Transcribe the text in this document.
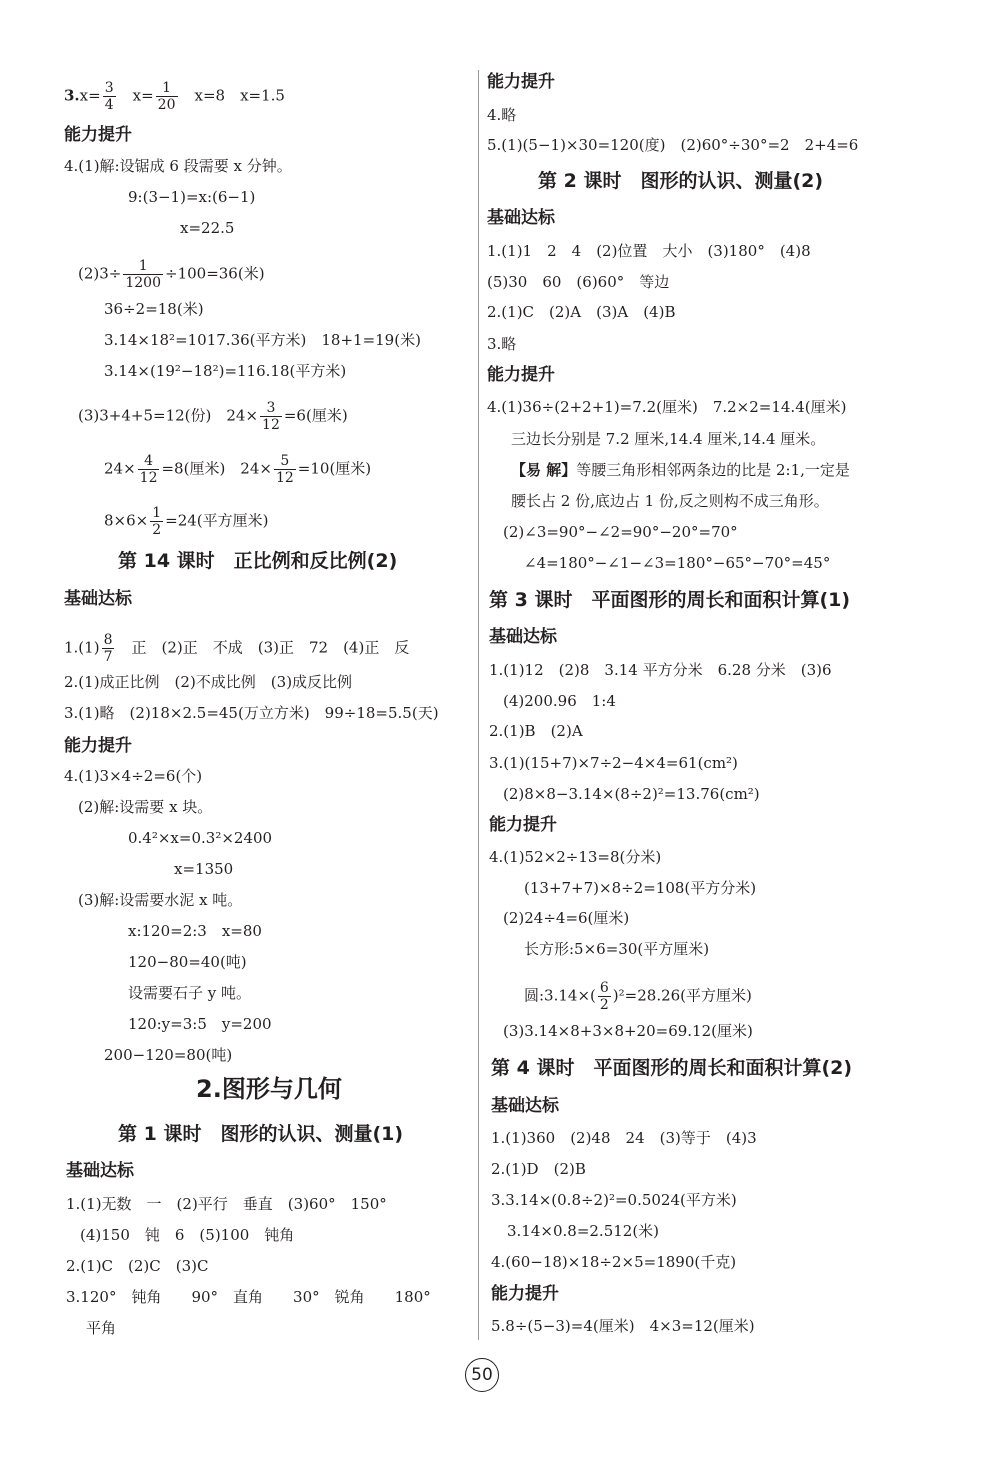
$3.x= \frac{3}{4}$
　 $x= \frac{1}{20}$
　 x=8　x=1.5
能力提升
4.(1)解:设锯成 6 段需要 x 分钟。
9:(3−1)=x:(6−1)
x=22.5
$(2)3\div \frac{1}{1200} \div 100=36$(米)
36÷2=18(米)
3.14×18²=1017.36(平方米)　18+1=19(米)
3.14×(19²−18²)=116.18(平方米)
(3)3+4+5=12(份)　$24\times \frac{3}{12} =6$(厘米)
$24\times \frac{4}{12} =8$(厘米)　$24\times \frac{5}{12} =10$(厘米)
$8\times 6\times \frac{1}{2} =24$(平方厘米)
第 14 课时　正比例和反比例(2)
基础达标
$1.(1) \frac{8}{7}$ 　正　(2)正　不成　(3)正　72　(4)正　反
2.(1)成正比例　(2)不成比例　(3)成反比例
3.(1)略　(2)18×2.5=45(万立方米)　99÷18=5.5(天)
能力提升
4.(1)3×4÷2=6(个)
(2)解:设需要 x 块。
0.4²×x=0.3²×2400
x=1350
(3)解:设需要水泥 x 吨。
x:120=2:3　x=80
120−80=40(吨)
设需要石子 y 吨。
120:y=3:5　y=200
200−120=80(吨)
2.图形与几何
第 1 课时　图形的认识、测量(1)
基础达标
1.(1)无数　一　(2)平行　垂直　(3)60°　150°
(4)150　钝　6　(5)100　钝角
2.(1)C　(2)C　(3)C
3.120°　钝角　　90°　直角　　30°　锐角　　180°
平角
能力提升
4.略
5.(1)(5−1)×30=120(度)　(2)60°÷30°=2　2+4=6
第 2 课时　图形的认识、测量(2)
基础达标
1.(1)1　2　4　(2)位置　大小　(3)180°　(4)8
(5)30　60　(6)60°　等边
2.(1)C　(2)A　(3)A　(4)B
3.略
能力提升
4.(1)36÷(2+2+1)=7.2(厘米)　7.2×2=14.4(厘米)
三边长分别是 7.2 厘米,14.4 厘米,14.4 厘米。
【易 解】等腰三角形相邻两条边的比是 2:1,一定是
腰长占 2 份,底边占 1 份,反之则构不成三角形。
(2)∠3=90°−∠2=90°−20°=70°
∠4=180°−∠1−∠3=180°−65°−70°=45°
第 3 课时　平面图形的周长和面积计算(1)
基础达标
1.(1)12　(2)8　3.14 平方分米　6.28 分米　(3)6
(4)200.96　1:4
2.(1)B　(2)A
3.(1)(15+7)×7÷2−4×4=61(cm²)
(2)8×8−3.14×(8÷2)²=13.76(cm²)
能力提升
4.(1)52×2÷13=8(分米)
(13+7+7)×8÷2=108(平方分米)
(2)24÷4=6(厘米)
长方形:5×6=30(平方厘米)
圆:3.14×( $\frac{6}{2} )^2=28.26$(平方厘米)
(3)3.14×8+3×8+20=69.12(厘米)
第 4 课时　平面图形的周长和面积计算(2)
基础达标
1.(1)360　(2)48　24　(3)等于　(4)3
2.(1)D　(2)B
3.3.14×(0.8÷2)²=0.5024(平方米)
3.14×0.8=2.512(米)
4.(60−18)×18÷2×5=1890(千克)
能力提升
5.8÷(5−3)=4(厘米)　4×3=12(厘米)
50
